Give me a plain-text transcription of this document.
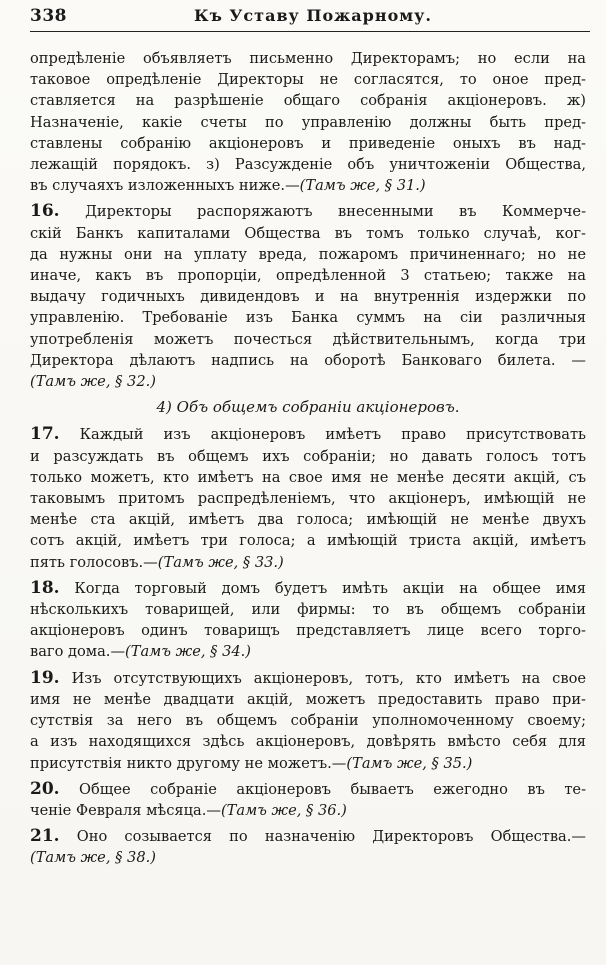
338	Къ Уставу Пожарному.
опредѣленіе объявляетъ письменно Директорамъ; но если на
таковое опредѣленіе Директоры не согласятся, то оное пред-
ставляется на разрѣшеніе общаго собранія акціонеровъ. ж)
Назначеніе, какіе счеты по управленію должны быть пред-
ставлены собранію акціонеровъ и приведеніе оныхъ въ над-
лежащій порядокъ. з) Разсужденіе объ уничтоженіи Общества,
въ случаяхъ изложенныхъ ниже.—(Тамъ же, § 31.)
16. Директоры распоряжаютъ внесенными въ Коммерче-
скій Банкъ капиталами Общества въ томъ только случаѣ, ког-
да нужны они на уплату вреда, пожаромъ причиненнаго; но не
иначе, какъ въ пропорціи, опредѣленной 3 статьею; также на
выдачу годичныхъ дивидендовъ и на внутреннія издержки по
управленію. Требованіе изъ Банка суммъ на сіи различныя
употребленія можетъ почесться дѣйствительнымъ, когда три
Директора дѣлаютъ надпись на оборотѣ Банковаго билета. —
(Тамъ же, § 32.)
4) Объ общемъ собраніи акціонеровъ.
17. Каждый изъ акціонеровъ имѣетъ право присутствовать
и разсуждать въ общемъ ихъ собраніи; но давать голосъ тотъ
только можетъ, кто имѣетъ на свое имя не менѣе десяти акцій, съ
таковымъ притомъ распредѣленіемъ, что акціонеръ, имѣющій не
менѣе ста акцій, имѣетъ два голоса; имѣющій не менѣе двухъ
сотъ акцій, имѣетъ три голоса; а имѣющій триста акцій, имѣетъ
пять голосовъ.—(Тамъ же, § 33.)
18. Когда торговый домъ будетъ имѣть акціи на общее имя
нѣсколькихъ товарищей, или фирмы: то въ общемъ собраніи
акціонеровъ одинъ товарищъ представляетъ лице всего торго-
ваго дома.—(Тамъ же, § 34.)
19. Изъ отсутствующихъ акціонеровъ, тотъ, кто имѣетъ на свое
имя не менѣе двадцати акцій, можетъ предоставить право при-
сутствія за него въ общемъ собраніи уполномоченному своему;
а изъ находящихся здѣсь акціонеровъ, довѣрять вмѣсто себя для
присутствія никто другому не можетъ.—(Тамъ же, § 35.)
20. Общее собраніе акціонеровъ бываетъ ежегодно въ те-
ченіе Февраля мѣсяца.—(Тамъ же, § 36.)
21. Оно созывается по назначенію Директоровъ Общества.—
(Тамъ же, § 38.)
